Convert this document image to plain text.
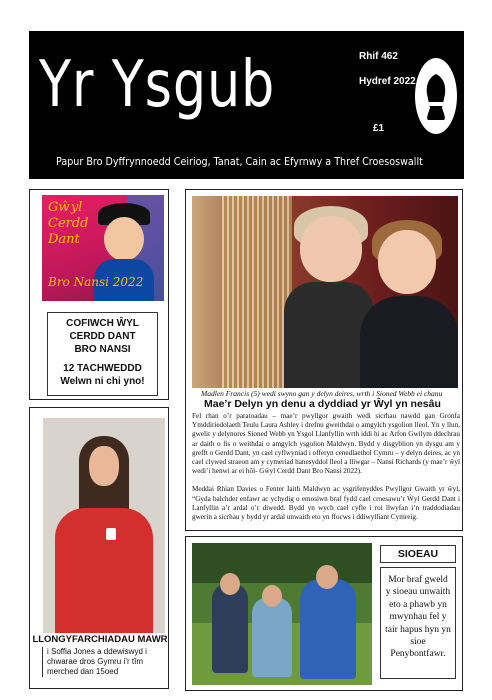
Yr Ysgub	Rhif 462
Hydref 2022
£1
Papur Bro Dyffrynnoedd Ceiriog, Tanat, Cain ac Efyrnwy a Thref Croesoswallt
Gŵyl
Cerdd
Dant
Bro Nansi 2022
COFIWCH ŴYL
CERDD DANT
BRO NANSI
12 TACHWEDDD
Welwn ni chi yno!
LLONGYFARCHIADAU MAWR
i Soffia Jones a ddewiswyd i chwarae dros Gymru i’r tîm merched dan 15oed
Madlen Francis (5) wedi swyno gan y delyn deires, wrth i Sioned Webb ei chanu
Mae’r Delyn yn denu a dyddiad yr Ŵyl yn nesâu

Fel rhan o’r paratoadau – mae’r pwyllgor gwaith wedi sicrhau nawdd gan Gronfa Ymddiriedolaeth Teulu Laura Ashley i drefnu gweithdai o amgylch ysgolion lleol. Yn y llun, gwelir y delynores Sioned Webb yn Ysgol Llanfyllin wrth iddi hi ac Arfon Gwilym ddechrau ar daith o fis o weithdai o amgylch ysgolion Maldwyn. Bydd y disgyblion yn dysgu am y grefft o Gerdd Dant, yn cael cyflwyniad i offeryn cenedlaethol Cymru – y delyn deires, ac yn cael clywed straeon am y cymeriad hanesyddol lleol a lliwgar – Nansi Richards (y mae’r ŵyl wedi’i henwi ar ei hôl- Gŵyl Cerdd Dant Bro Nansi 2022).

Meddai Rhian Davies o Fenter Iaith Maldwyn ac ysgrifenyddes Pwyllgor Gwaith yr ŵyl, “Gyda balchder enfawr ac ychydig o emosiwn braf fydd cael croesawu’r Ŵyl Gerdd Dant i Lanfyllin a’r ardal o’r diwedd. Bydd yn wych cael cyfle i roi llwyfan i’n traddodiadau gwerin a sicrhau y bydd yr ardal unwaith eto yn ffocws i ddiwylliant Cymreig.

SIOEAU
Mor braf gweld y sioeau unwaith eto a phawb yn mwynhau fel y tair hapus hyn yn sioe Penybontfawr.
